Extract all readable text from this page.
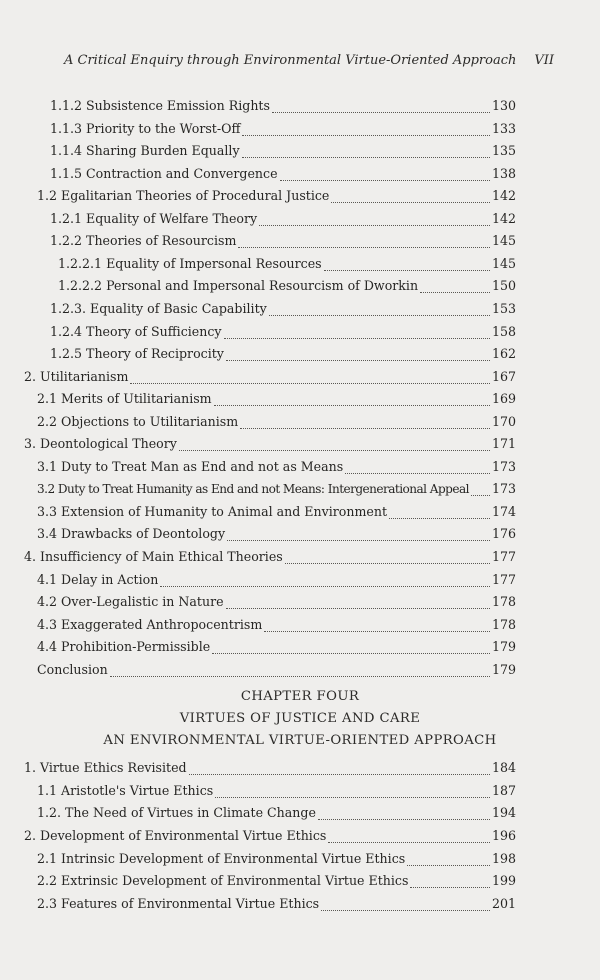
A Critical Enquiry through Environmental Virtue-Oriented Approach VII
1.1.2 Subsistence Emission Rights	130
1.1.3 Priority to the Worst-Off	133
1.1.4 Sharing Burden Equally	135
1.1.5 Contraction and Convergence	138
1.2 Egalitarian Theories of Procedural Justice	142
1.2.1 Equality of Welfare Theory	142
1.2.2 Theories of Resourcism	145
1.2.2.1 Equality of Impersonal Resources	145
1.2.2.2 Personal and Impersonal Resourcism of Dworkin	150
1.2.3. Equality of Basic Capability	153
1.2.4 Theory of Sufficiency	158
1.2.5 Theory of Reciprocity	162
2. Utilitarianism	167
2.1 Merits of Utilitarianism	169
2.2 Objections to Utilitarianism	170
3. Deontological Theory	171
3.1 Duty to Treat Man as End and not as Means	173
3.2 Duty to Treat Humanity as End and not Means: Intergenerational Appeal 173
3.3 Extension of Humanity to Animal and Environment	174
3.4 Drawbacks of Deontology	176
4. Insufficiency of Main Ethical Theories	177
4.1 Delay in Action	177
4.2 Over-Legalistic in Nature	178
4.3 Exaggerated Anthropocentrism	178
4.4 Prohibition-Permissible	179
Conclusion	179
CHAPTER FOUR
VIRTUES OF JUSTICE AND CARE
AN ENVIRONMENTAL VIRTUE-ORIENTED APPROACH
1. Virtue Ethics Revisited	184
1.1 Aristotle's Virtue Ethics	187
1.2. The Need of Virtues in Climate Change	194
2. Development of Environmental Virtue Ethics	196
2.1 Intrinsic Development of Environmental Virtue Ethics	198
2.2 Extrinsic Development of Environmental Virtue Ethics	199
2.3 Features of Environmental Virtue Ethics	201
